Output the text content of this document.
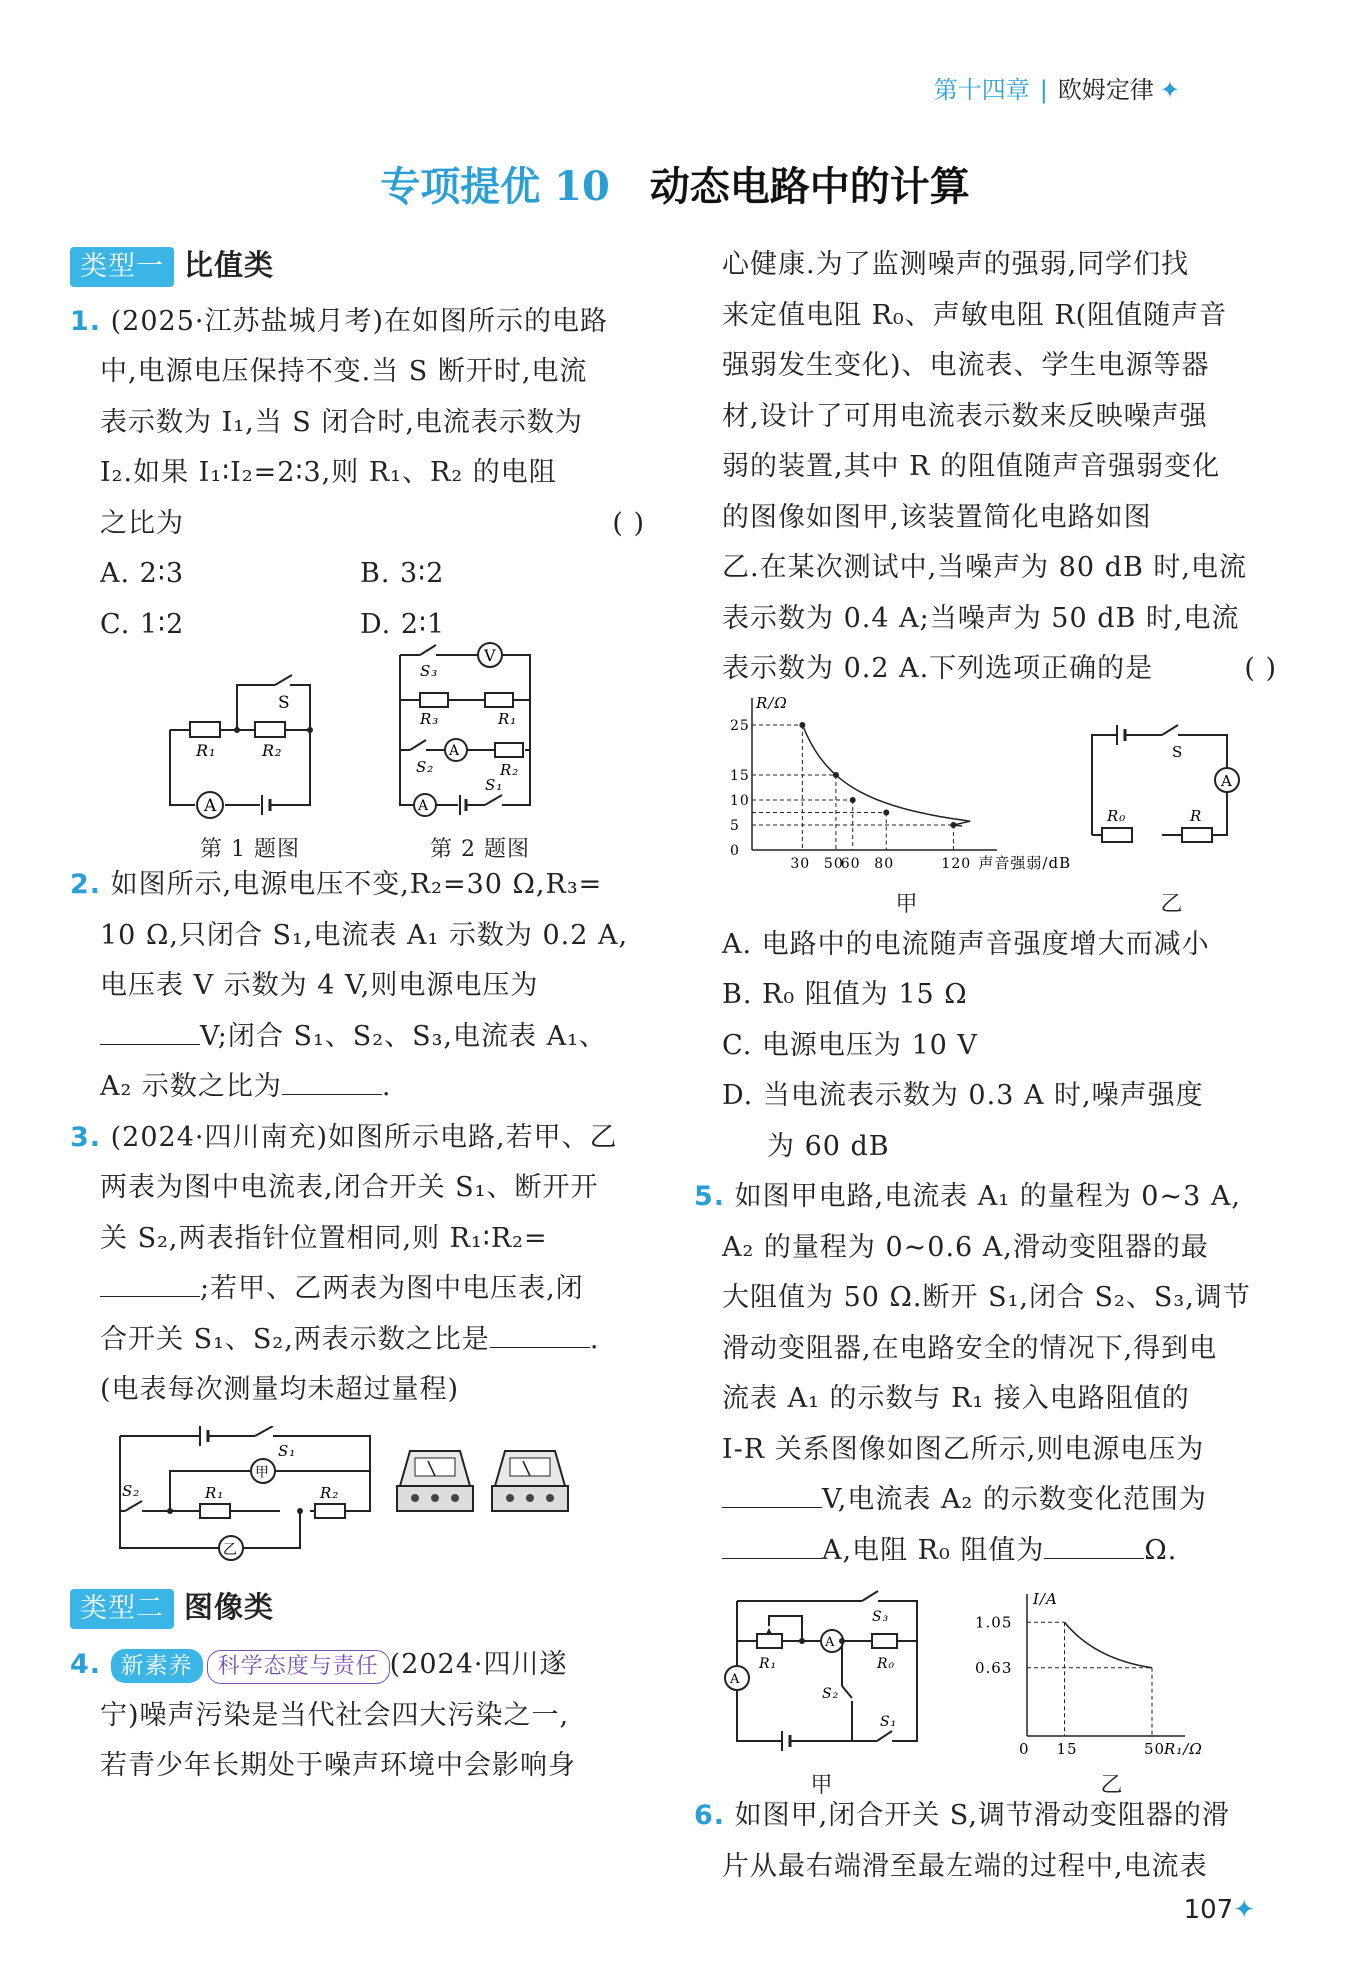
第十四章 | 欧姆定律 ✦
专项提优 10 动态电路中的计算

类型一 比值类

1. (2025·江苏盐城月考)在如图所示的电路

中,电源电压保持不变.当 S 断开时,电流

表示数为 I₁,当 S 闭合时,电流表示数为

I₂.如果 I₁∶I₂=2∶3,则 R₁、R₂ 的电阻

之比为	( )

A. 2∶3	B. 3∶2

C. 1∶2	D. 2∶1

A
S
R₁	R₂
第 1 题图
V
A
A
S₃
R₃	R₁
S₂	R₂
S₁
第 2 题图

2. 如图所示,电源电压不变,R₂=30 Ω,R₃=

10 Ω,只闭合 S₁,电流表 A₁ 示数为 0.2 A,

电压表 V 示数为 4 V,则电源电压为

V;闭合 S₁、S₂、S₃,电流表 A₁、

A₂ 示数之比为	.

3. (2024·四川南充)如图所示电路,若甲、乙

两表为图中电流表,闭合开关 S₁、断开开

关 S₂,两表指针位置相同,则 R₁∶R₂=

;若甲、乙两表为图中电压表,闭

合开关 S₁、S₂,两表示数之比是	.

(电表每次测量均未超过量程)

甲
乙
S₁
S₂	R₁	R₂

类型二 图像类

4. 新素养 科学态度与责任 (2024·四川遂

宁)噪声污染是当代社会四大污染之一,

若青少年长期处于噪声环境中会影响身

心健康.为了监测噪声的强弱,同学们找

来定值电阻 R₀、声敏电阻 R(阻值随声音

强弱发生变化)、电流表、学生电源等器

材,设计了可用电流表示数来反映噪声强

弱的装置,其中 R 的阻值随声音强弱变化

的图像如图甲,该装置简化电路如图

乙.在某次测试中,当噪声为 80 dB 时,电流

表示数为 0.4 A;当噪声为 50 dB 时,电流

表示数为 0.2 A.下列选项正确的是	( )

R/Ω
声音强弱/dB
30 50
60 80	120
0
5
10
15
25
甲
A
S
R₀	R
乙

A. 电路中的电流随声音强度增大而减小

B. R₀ 阻值为 15 Ω

C. 电源电压为 10 V

D. 当电流表示数为 0.3 A 时,噪声强度

为 60 dB

5. 如图甲电路,电流表 A₁ 的量程为 0~3 A,

A₂ 的量程为 0~0.6 A,滑动变阻器的最

大阻值为 50 Ω.断开 S₁,闭合 S₂、S₃,调节

滑动变阻器,在电路安全的情况下,得到电

流表 A₁ 的示数与 R₁ 接入电路阻值的

I-R 关系图像如图乙所示,则电源电压为

V,电流表 A₂ 的示数变化范围为

A,电阻 R₀ 阻值为	Ω.

A
A
S₃
R₁	R₀
S₂
S₁
甲
I/A
R₁/Ω
1.05
0.63
0 15	50
乙

6. 如图甲,闭合开关 S,调节滑动变阻器的滑

片从最右端滑至最左端的过程中,电流表

107✦
